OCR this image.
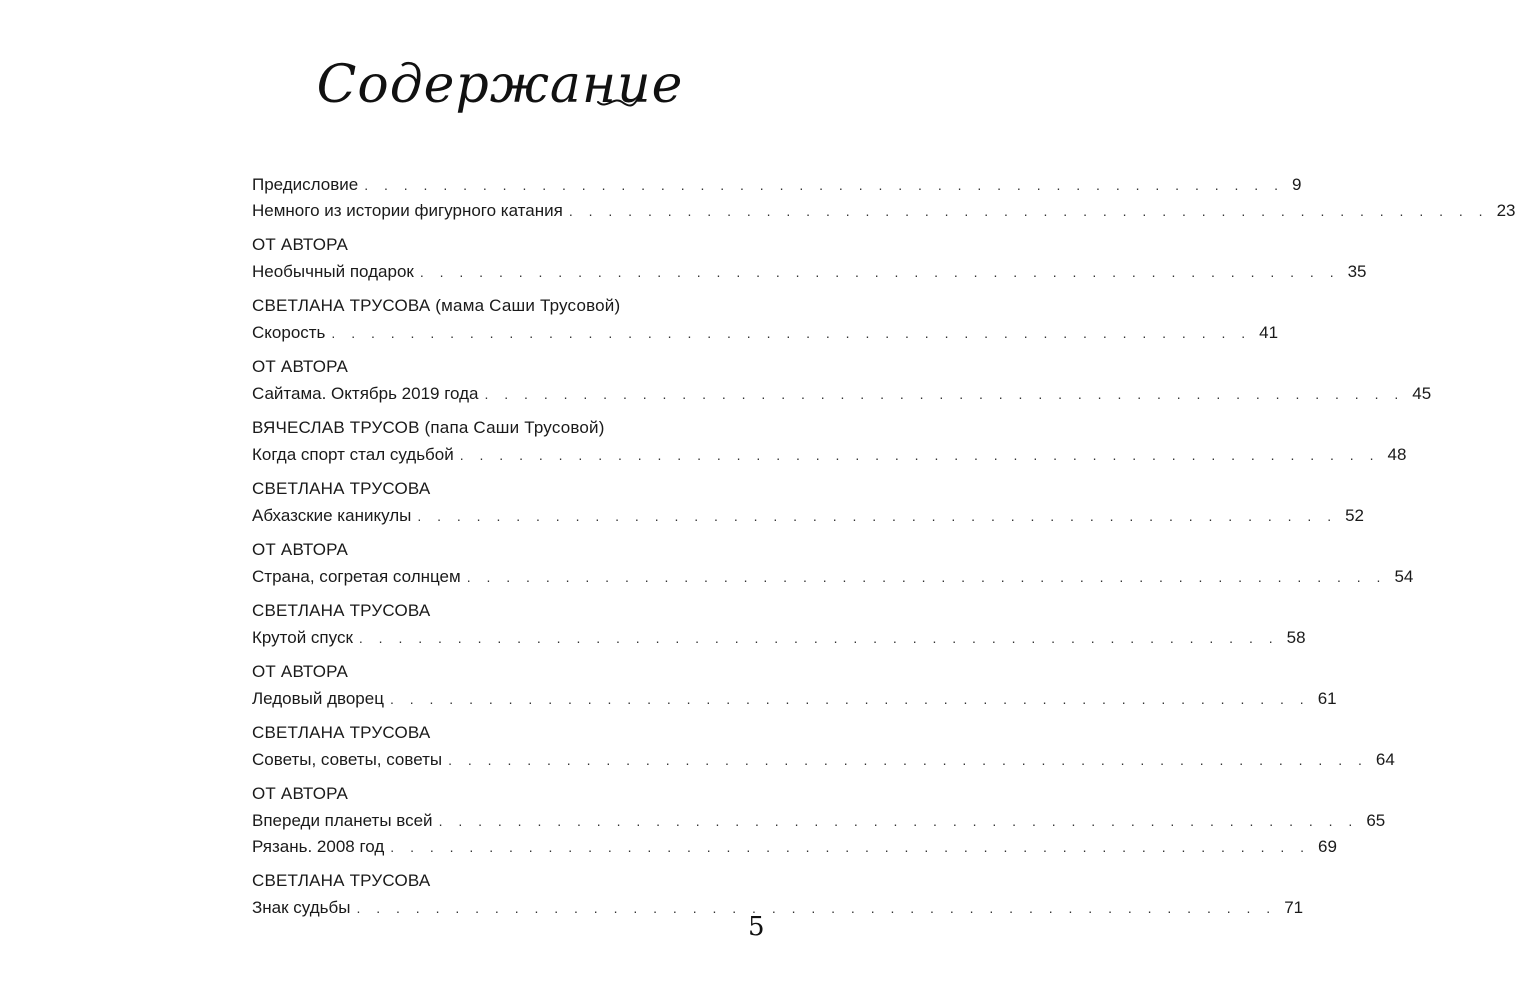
Содержание
Предисловие . . . . . . . . . . . . . . . . . . . . . . . . . . . . . . . . . . . . . . . . . . . . . . . 9
Немного из истории фигурного катания . . . . . . . . . . . . . . . . . . . . . . . . . . . . . . . . . . . . . . . . . . . . . . . 23
ОТ АВТОРА
Необычный подарок . . . . . . . . . . . . . . . . . . . . . . . . . . . . . . . . . . . . . . . . . . . . . . . 35
СВЕТЛАНА ТРУСОВА (мама Саши Трусовой)
Скорость . . . . . . . . . . . . . . . . . . . . . . . . . . . . . . . . . . . . . . . . . . . . . . . 41
ОТ АВТОРА
Сайтама. Октябрь 2019 года . . . . . . . . . . . . . . . . . . . . . . . . . . . . . . . . . . . . . . . . . . . . . . . 45
ВЯЧЕСЛАВ ТРУСОВ (папа Саши Трусовой)
Когда спорт стал судьбой . . . . . . . . . . . . . . . . . . . . . . . . . . . . . . . . . . . . . . . . . . . . . . . 48
СВЕТЛАНА ТРУСОВА
Абхазские каникулы . . . . . . . . . . . . . . . . . . . . . . . . . . . . . . . . . . . . . . . . . . . . . . . 52
ОТ АВТОРА
Страна, согретая солнцем . . . . . . . . . . . . . . . . . . . . . . . . . . . . . . . . . . . . . . . . . . . . . . . 54
СВЕТЛАНА ТРУСОВА
Крутой спуск . . . . . . . . . . . . . . . . . . . . . . . . . . . . . . . . . . . . . . . . . . . . . . . 58
ОТ АВТОРА
Ледовый дворец . . . . . . . . . . . . . . . . . . . . . . . . . . . . . . . . . . . . . . . . . . . . . . . 61
СВЕТЛАНА ТРУСОВА
Советы, советы, советы . . . . . . . . . . . . . . . . . . . . . . . . . . . . . . . . . . . . . . . . . . . . . . . 64
ОТ АВТОРА
Впереди планеты всей . . . . . . . . . . . . . . . . . . . . . . . . . . . . . . . . . . . . . . . . . . . . . . . 65
Рязань. 2008 год . . . . . . . . . . . . . . . . . . . . . . . . . . . . . . . . . . . . . . . . . . . . . . . 69
СВЕТЛАНА ТРУСОВА
Знак судьбы . . . . . . . . . . . . . . . . . . . . . . . . . . . . . . . . . . . . . . . . . . . . . . . 71
5
